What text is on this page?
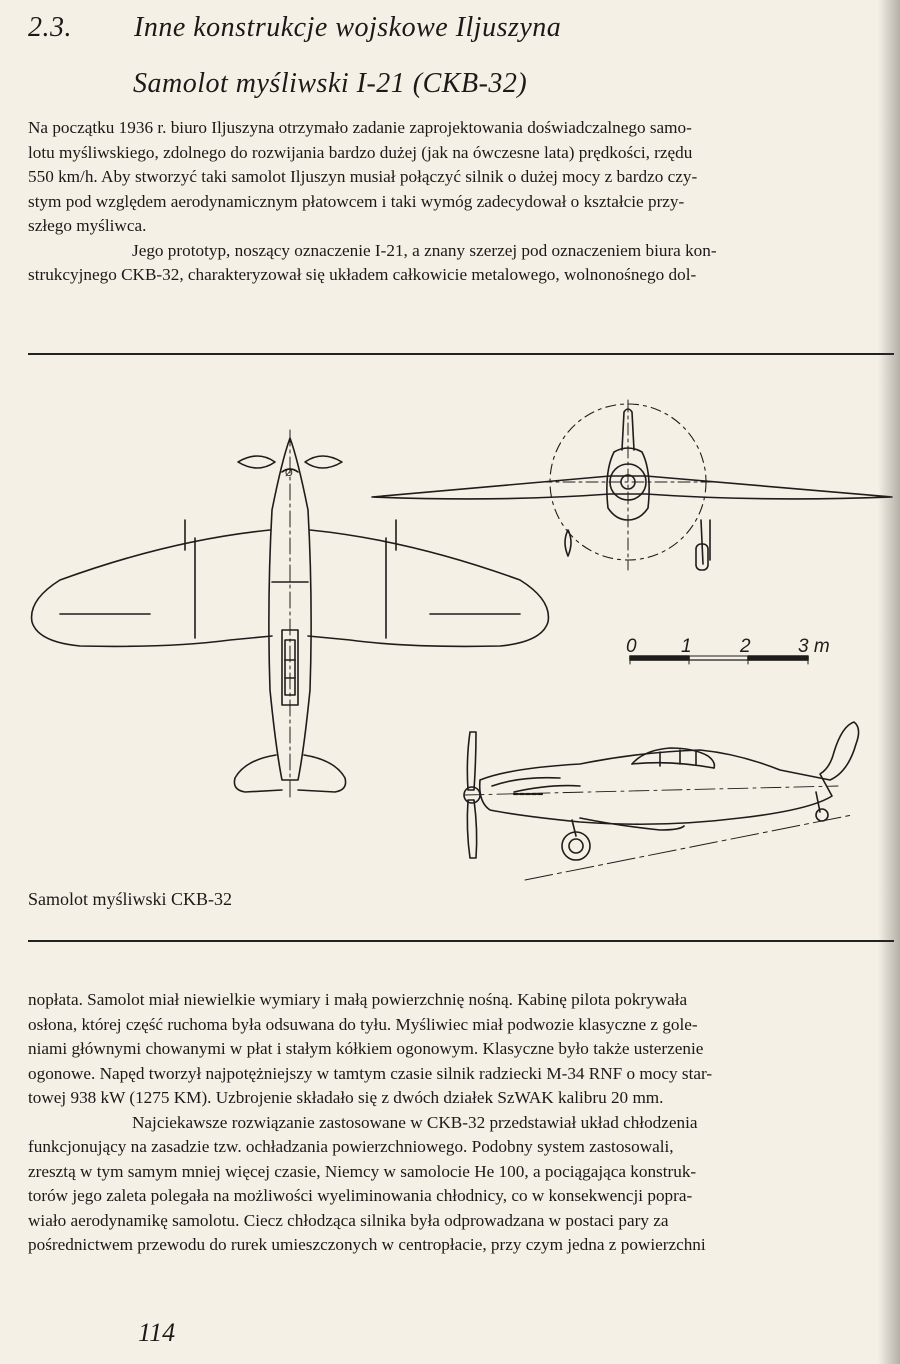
2.3. Inne konstrukcje wojskowe Iljuszyna
Samolot myśliwski I-21 (CKB-32)
Na początku 1936 r. biuro Iljuszyna otrzymało zadanie zaprojektowania doświadczalnego samo-
lotu myśliwskiego, zdolnego do rozwijania bardzo dużej (jak na ówczesne lata) prędkości, rzędu
550 km/h. Aby stworzyć taki samolot Iljuszyn musiał połączyć silnik o dużej mocy z bardzo czy-
stym pod względem aerodynamicznym płatowcem i taki wymóg zadecydował o kształcie przy-
szłego myśliwca.
Jego prototyp, noszący oznaczenie I-21, a znany szerzej pod oznaczeniem biura kon-
strukcyjnego CKB-32, charakteryzował się układem całkowicie metalowego, wolnonośnego dol-
Ø
0 1	2 3 m
Samolot myśliwski CKB-32
nopłata. Samolot miał niewielkie wymiary i małą powierzchnię nośną. Kabinę pilota pokrywała
osłona, której część ruchoma była odsuwana do tyłu. Myśliwiec miał podwozie klasyczne z gole-
niami głównymi chowanymi w płat i stałym kółkiem ogonowym. Klasyczne było także usterzenie
ogonowe. Napęd tworzył najpotężniejszy w tamtym czasie silnik radziecki M-34 RNF o mocy star-
towej 938 kW (1275 KM). Uzbrojenie składało się z dwóch działek SzWAK kalibru 20 mm.
Najciekawsze rozwiązanie zastosowane w CKB-32 przedstawiał układ chłodzenia
funkcjonujący na zasadzie tzw. ochładzania powierzchniowego. Podobny system zastosowali,
zresztą w tym samym mniej więcej czasie, Niemcy w samolocie He 100, a pociągająca konstruk-
torów jego zaleta polegała na możliwości wyeliminowania chłodnicy, co w konsekwencji popra-
wiało aerodynamikę samolotu. Ciecz chłodząca silnika była odprowadzana w postaci pary za
pośrednictwem przewodu do rurek umieszczonych w centropłacie, przy czym jedna z powierzchni
114
